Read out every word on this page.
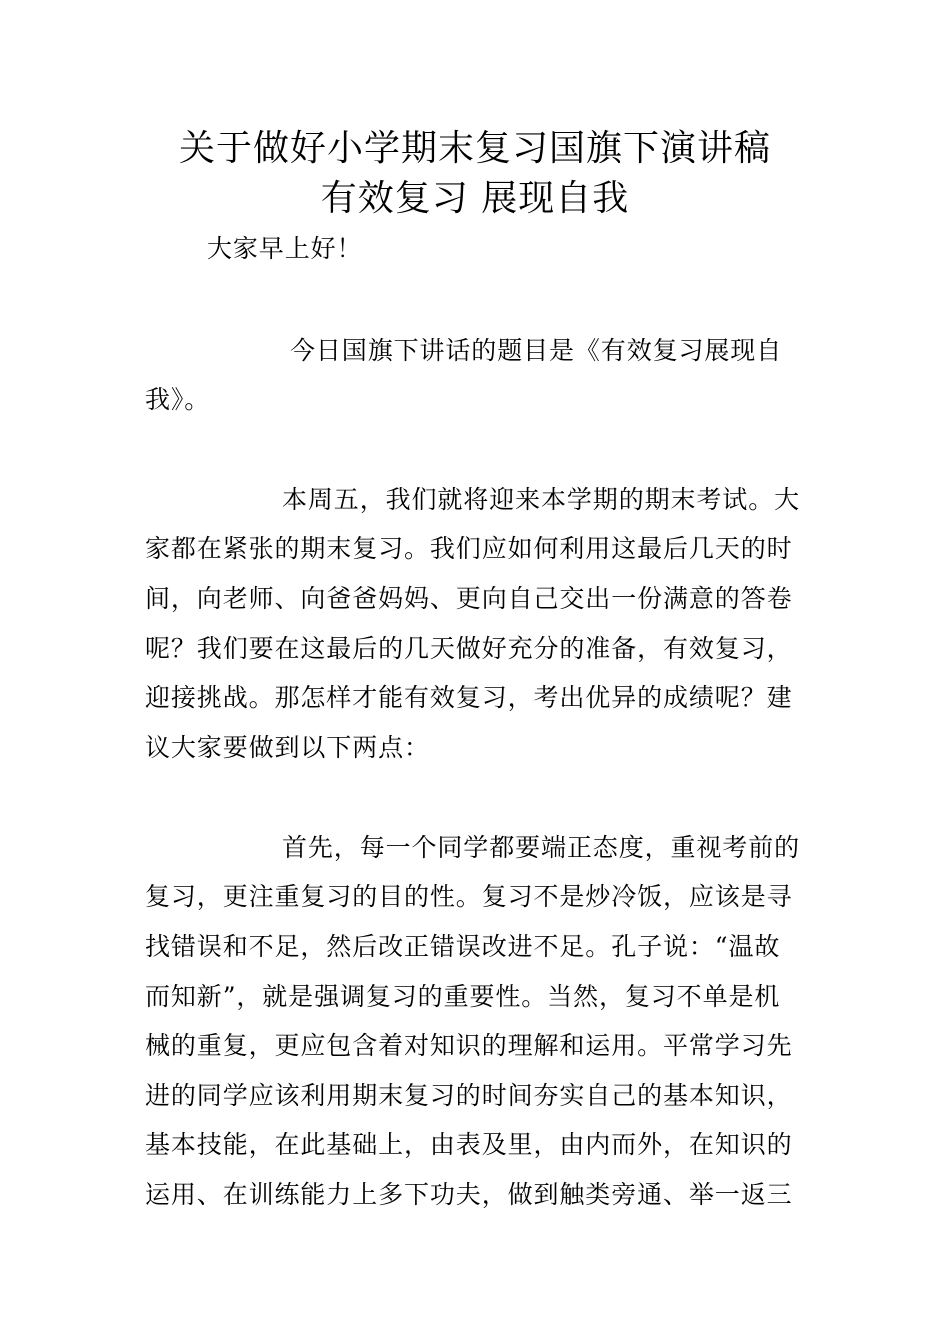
关于做好小学期末复习国旗下演讲稿
有效复习 展现自我
大家早上好！
今日国旗下讲话的题目是《有效复习展现自
我》。
本周五，我们就将迎来本学期的期末考试。大
家都在紧张的期末复习。我们应如何利用这最后几天的时
间，向老师、向爸爸妈妈、更向自己交出一份满意的答卷
呢？我们要在这最后的几天做好充分的准备，有效复习，
迎接挑战。那怎样才能有效复习，考出优异的成绩呢？建
议大家要做到以下两点：
首先，每一个同学都要端正态度，重视考前的
复习，更注重复习的目的性。复习不是炒冷饭，应该是寻
找错误和不足，然后改正错误改进不足。孔子说：“温故
而知新”，就是强调复习的重要性。当然，复习不单是机
械的重复，更应包含着对知识的理解和运用。平常学习先
进的同学应该利用期末复习的时间夯实自己的基本知识，
基本技能，在此基础上，由表及里，由内而外，在知识的
运用、在训练能力上多下功夫，做到触类旁通、举一返三
